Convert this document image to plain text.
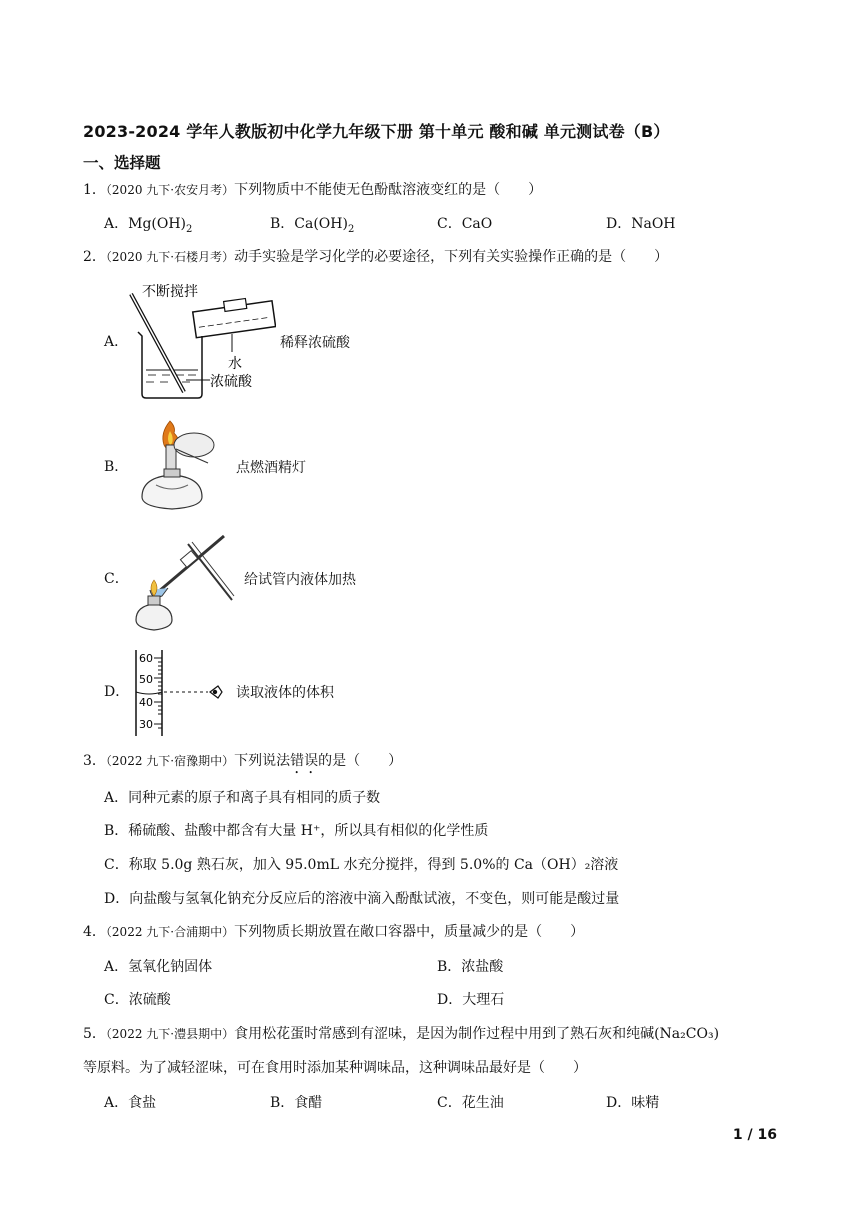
2023-2024 学年人教版初中化学九年级下册 第十单元 酸和碱 单元测试卷（B）
一、选择题
1．（2020 九下·农安月考）下列物质中不能使无色酚酞溶液变红的是（　　）
A．$Mg(OH)_2$	B．$Ca(OH)_2$	C．CaO	D．NaOH
2．（2020 九下·石楼月考）动手实验是学习化学的必要途径，下列有关实验操作正确的是（　　）
A．
水
不断搅拌
浓硫酸
稀释浓硫酸
B．	点燃酒精灯
C．	给试管内液体加热
D．
60
50
40
30
读取液体的体积
3．（2022 九下·宿豫期中）下列说法错误的是（　　）
A．同种元素的原子和离子具有相同的质子数
B．稀硫酸、盐酸中都含有大量 H⁺，所以具有相似的化学性质
C．称取 5.0g 熟石灰，加入 95.0mL 水充分搅拌，得到 5.0%的 Ca（OH）₂溶液
D．向盐酸与氢氧化钠充分反应后的溶液中滴入酚酞试液，不变色，则可能是酸过量
4．（2022 九下·合浦期中）下列物质长期放置在敞口容器中，质量减少的是（　　）
A．氢氧化钠固体	B．浓盐酸
C．浓硫酸	D．大理石
5．（2022 九下·澧县期中）食用松花蛋时常感到有涩味，是因为制作过程中用到了熟石灰和纯碱(Na₂CO₃)
等原料。为了减轻涩味，可在食用时添加某种调味品，这种调味品最好是（　　）
A．食盐	B．食醋	C．花生油	D．味精
1 / 16
